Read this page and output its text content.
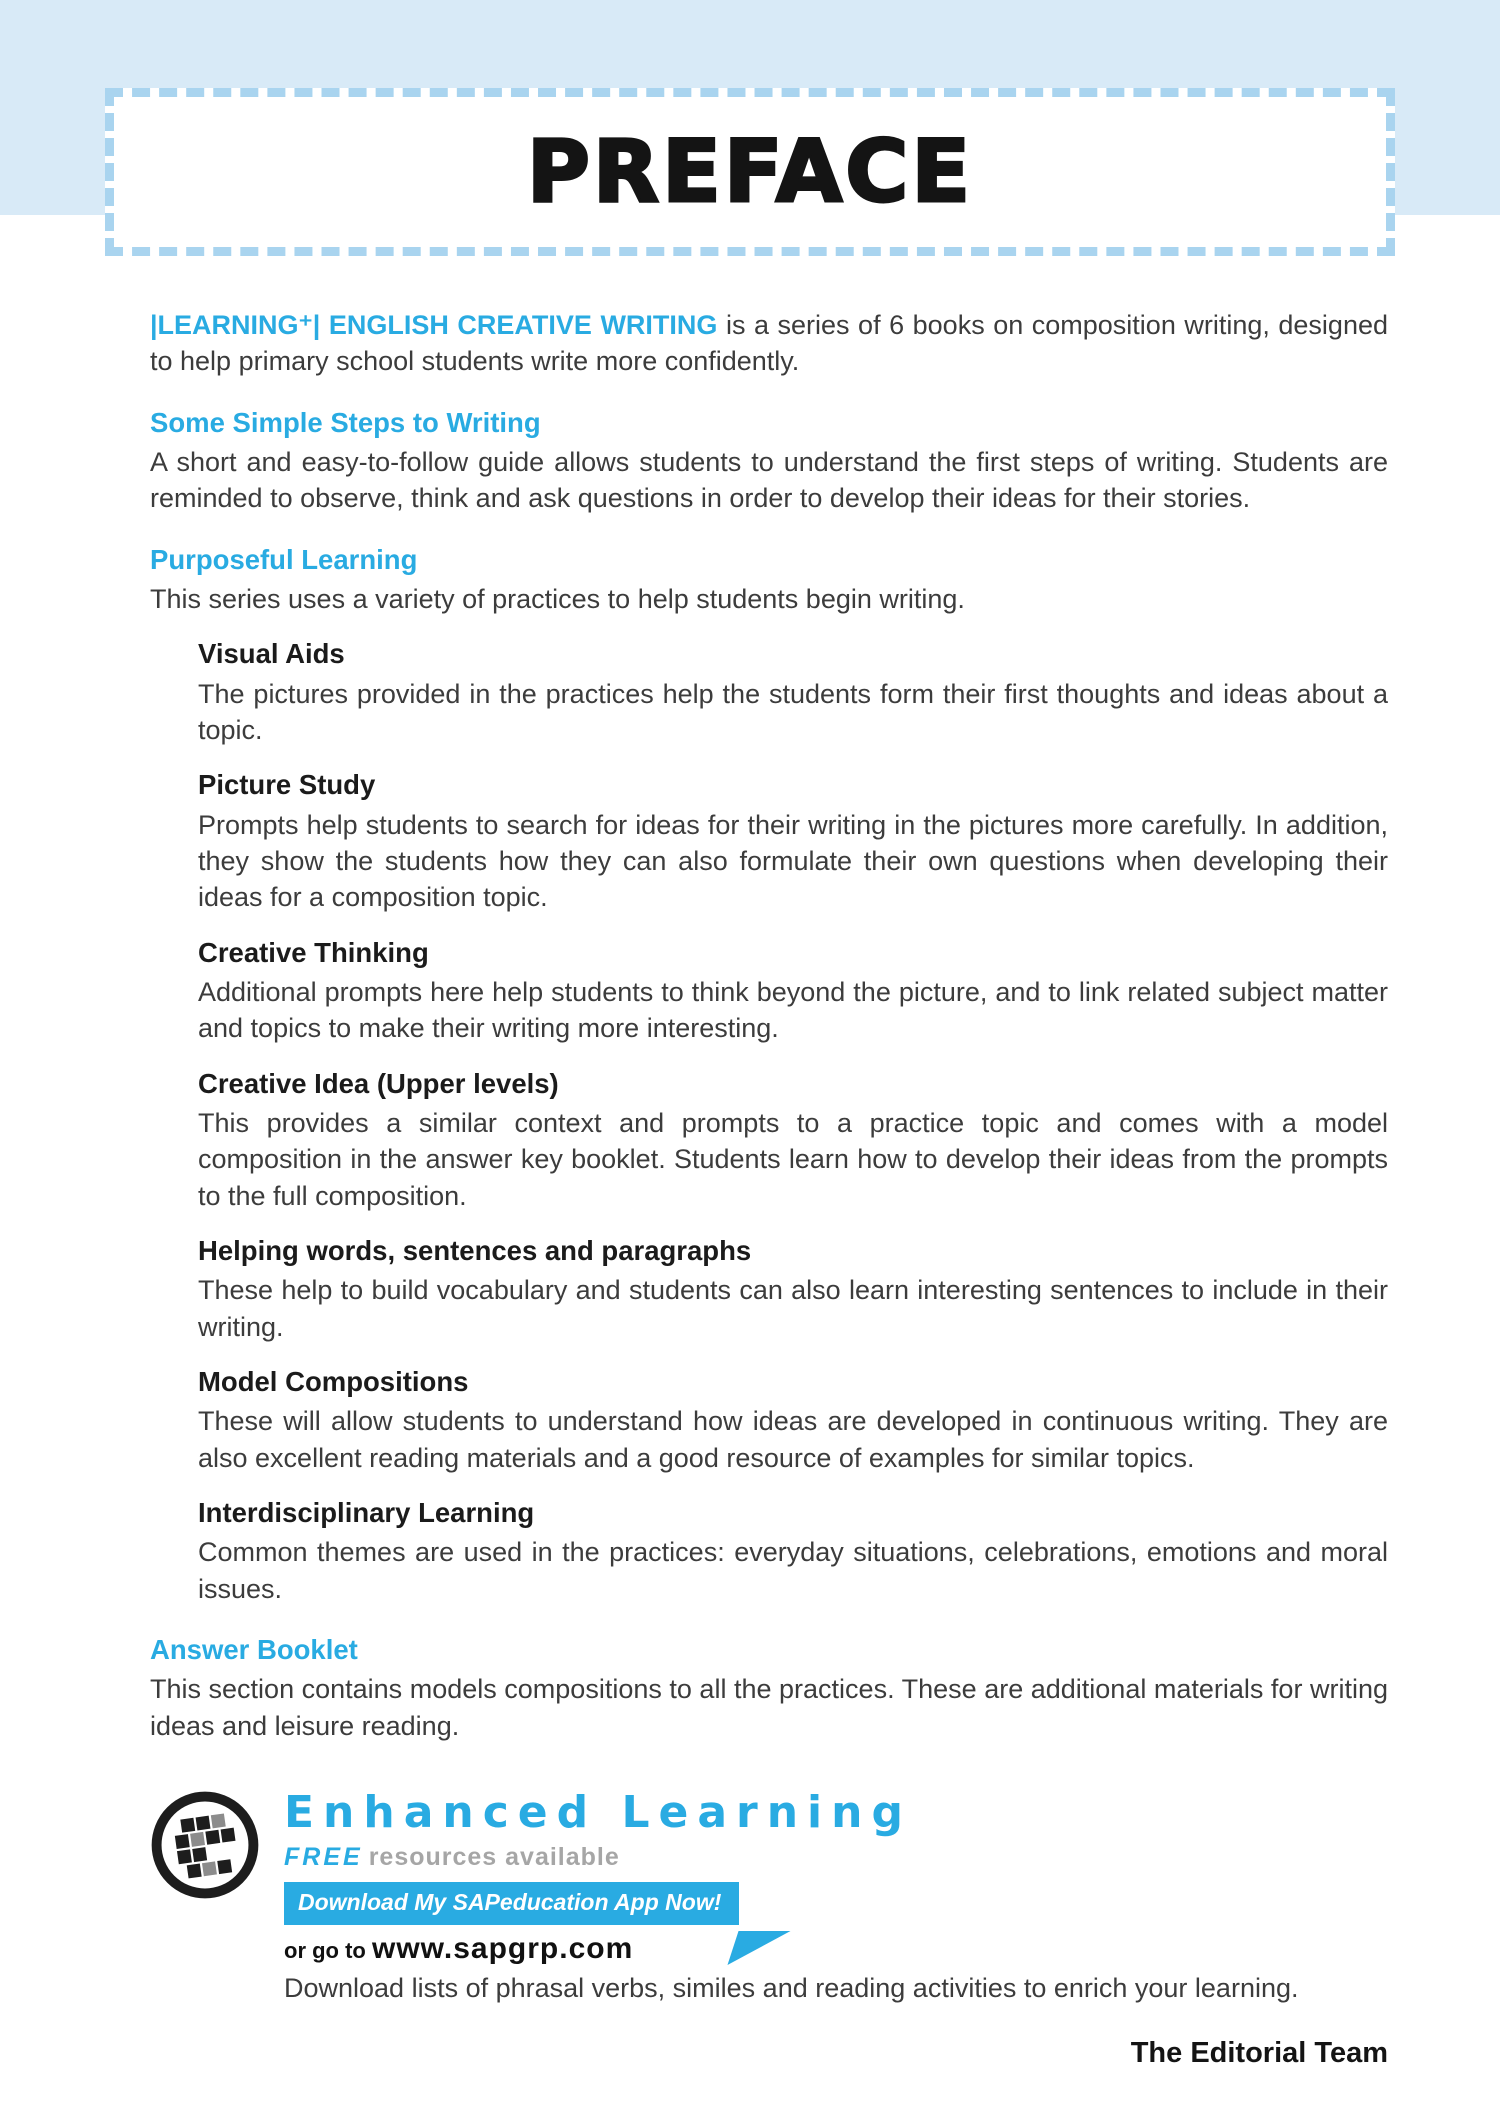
PREFACE

|LEARNING⁺| ENGLISH CREATIVE WRITING is a series of 6 books on composition writing, designed to help primary school students write more confidently.

Some Simple Steps to Writing

A short and easy-to-follow guide allows students to understand the first steps of writing. Students are reminded to observe, think and ask questions in order to develop their ideas for their stories.

Purposeful Learning

This series uses a variety of practices to help students begin writing.

Visual Aids

The pictures provided in the practices help the students form their first thoughts and ideas about a topic.

Picture Study

Prompts help students to search for ideas for their writing in the pictures more carefully. In addition, they show the students how they can also formulate their own questions when developing their ideas for a composition topic.

Creative Thinking

Additional prompts here help students to think beyond the picture, and to link related subject matter and topics to make their writing more interesting.

Creative Idea (Upper levels)

This provides a similar context and prompts to a practice topic and comes with a model composition in the answer key booklet. Students learn how to develop their ideas from the prompts to the full composition.

Helping words, sentences and paragraphs

These help to build vocabulary and students can also learn interesting sentences to include in their writing.

Model Compositions

These will allow students to understand how ideas are developed in continuous writing. They are also excellent reading materials and a good resource of examples for similar topics.

Interdisciplinary Learning

Common themes are used in the practices: everyday situations, celebrations, emotions and moral issues.

Answer Booklet

This section contains models compositions to all the practices. These are additional materials for writing ideas and leisure reading.

Enhanced Learning
FREE resources available
Download My SAPeducation App Now!
or go to www.sapgrp.com

Download lists of phrasal verbs, similes and reading activities to enrich your learning.

The Editorial Team
